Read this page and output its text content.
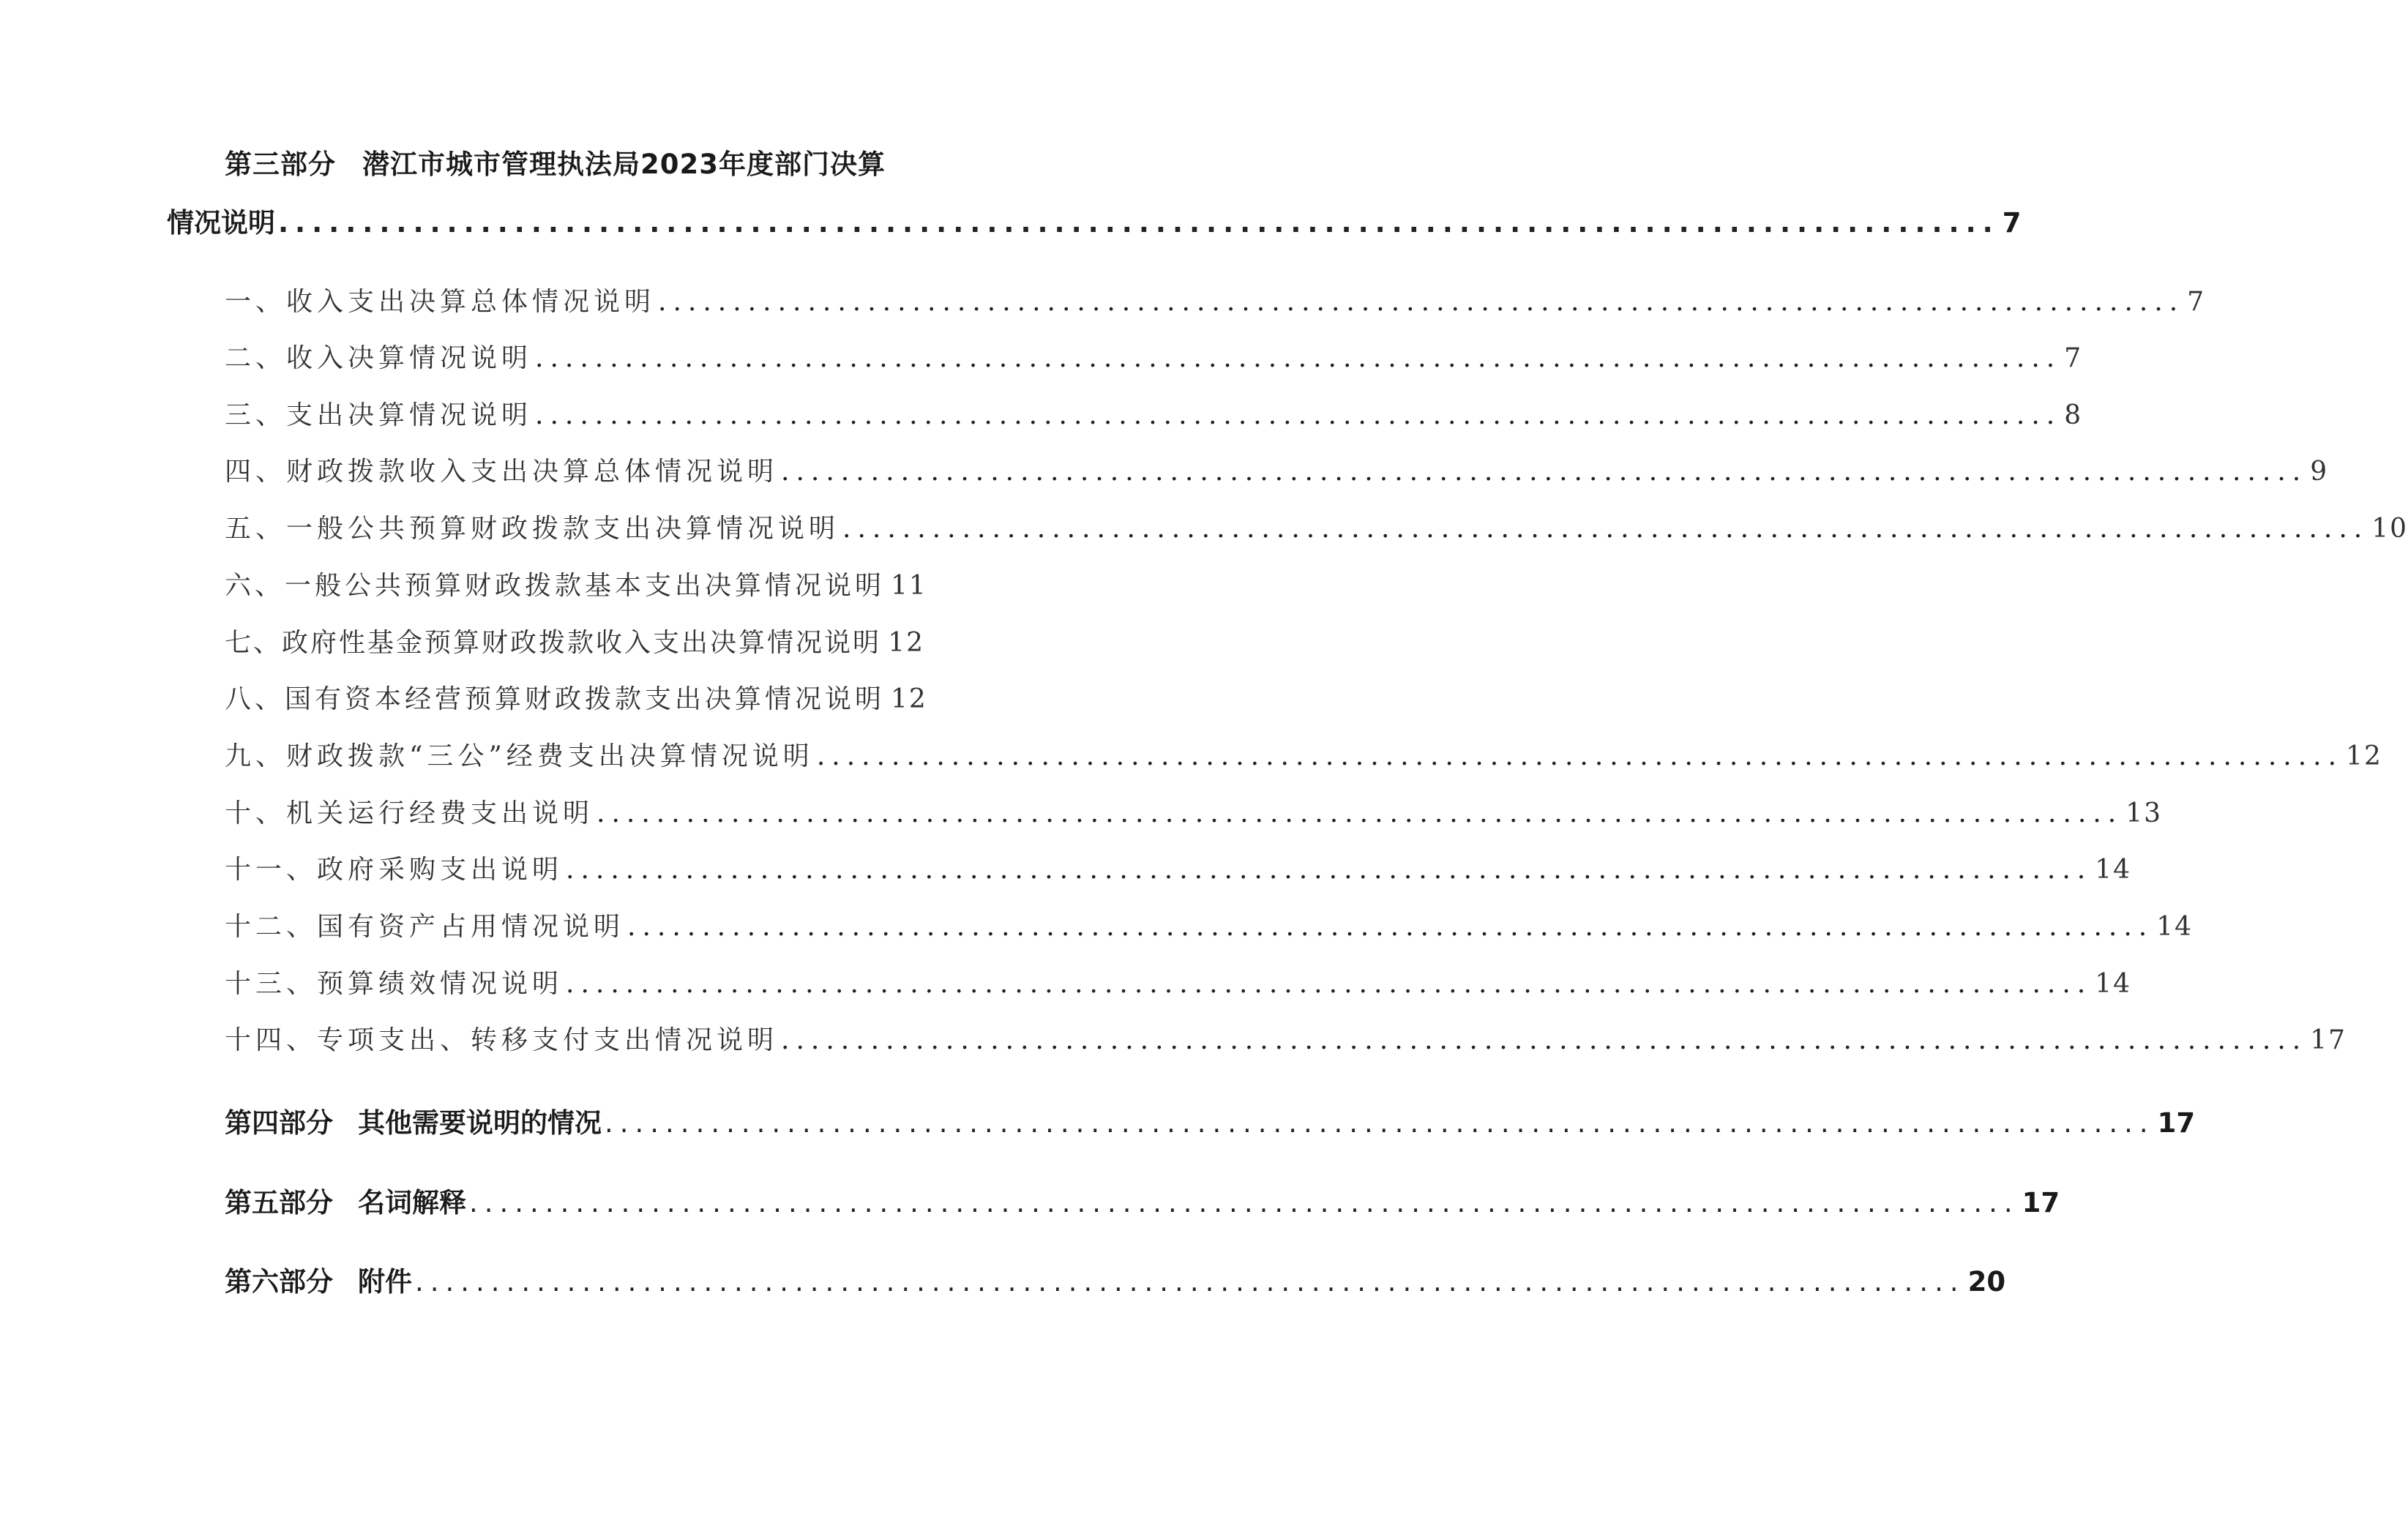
第三部分 潜江市城市管理执法局2023年度部门决算
情况说明 ...................................................................................................... 7
一、收入支出决算总体情况说明 ...................................................................................................... 7
二、收入决算情况说明 ...................................................................................................... 7
三、支出决算情况说明 ...................................................................................................... 8
四、财政拨款收入支出决算总体情况说明 ...................................................................................................... 9
五、一般公共预算财政拨款支出决算情况说明 ...................................................................................................... 10
六、一般公共预算财政拨款基本支出决算情况说明 11
七、政府性基金预算财政拨款收入支出决算情况说明 12
八、国有资本经营预算财政拨款支出决算情况说明 12
九、财政拨款“三公”经费支出决算情况说明 ...................................................................................................... 12
十、机关运行经费支出说明 ...................................................................................................... 13
十一、政府采购支出说明 ...................................................................................................... 14
十二、国有资产占用情况说明 ...................................................................................................... 14
十三、预算绩效情况说明 ...................................................................................................... 14
十四、专项支出、转移支付支出情况说明 ...................................................................................................... 17
第四部分 其他需要说明的情况 ...................................................................................................... 17
第五部分 名词解释 ...................................................................................................... 17
第六部分 附件 ...................................................................................................... 20
